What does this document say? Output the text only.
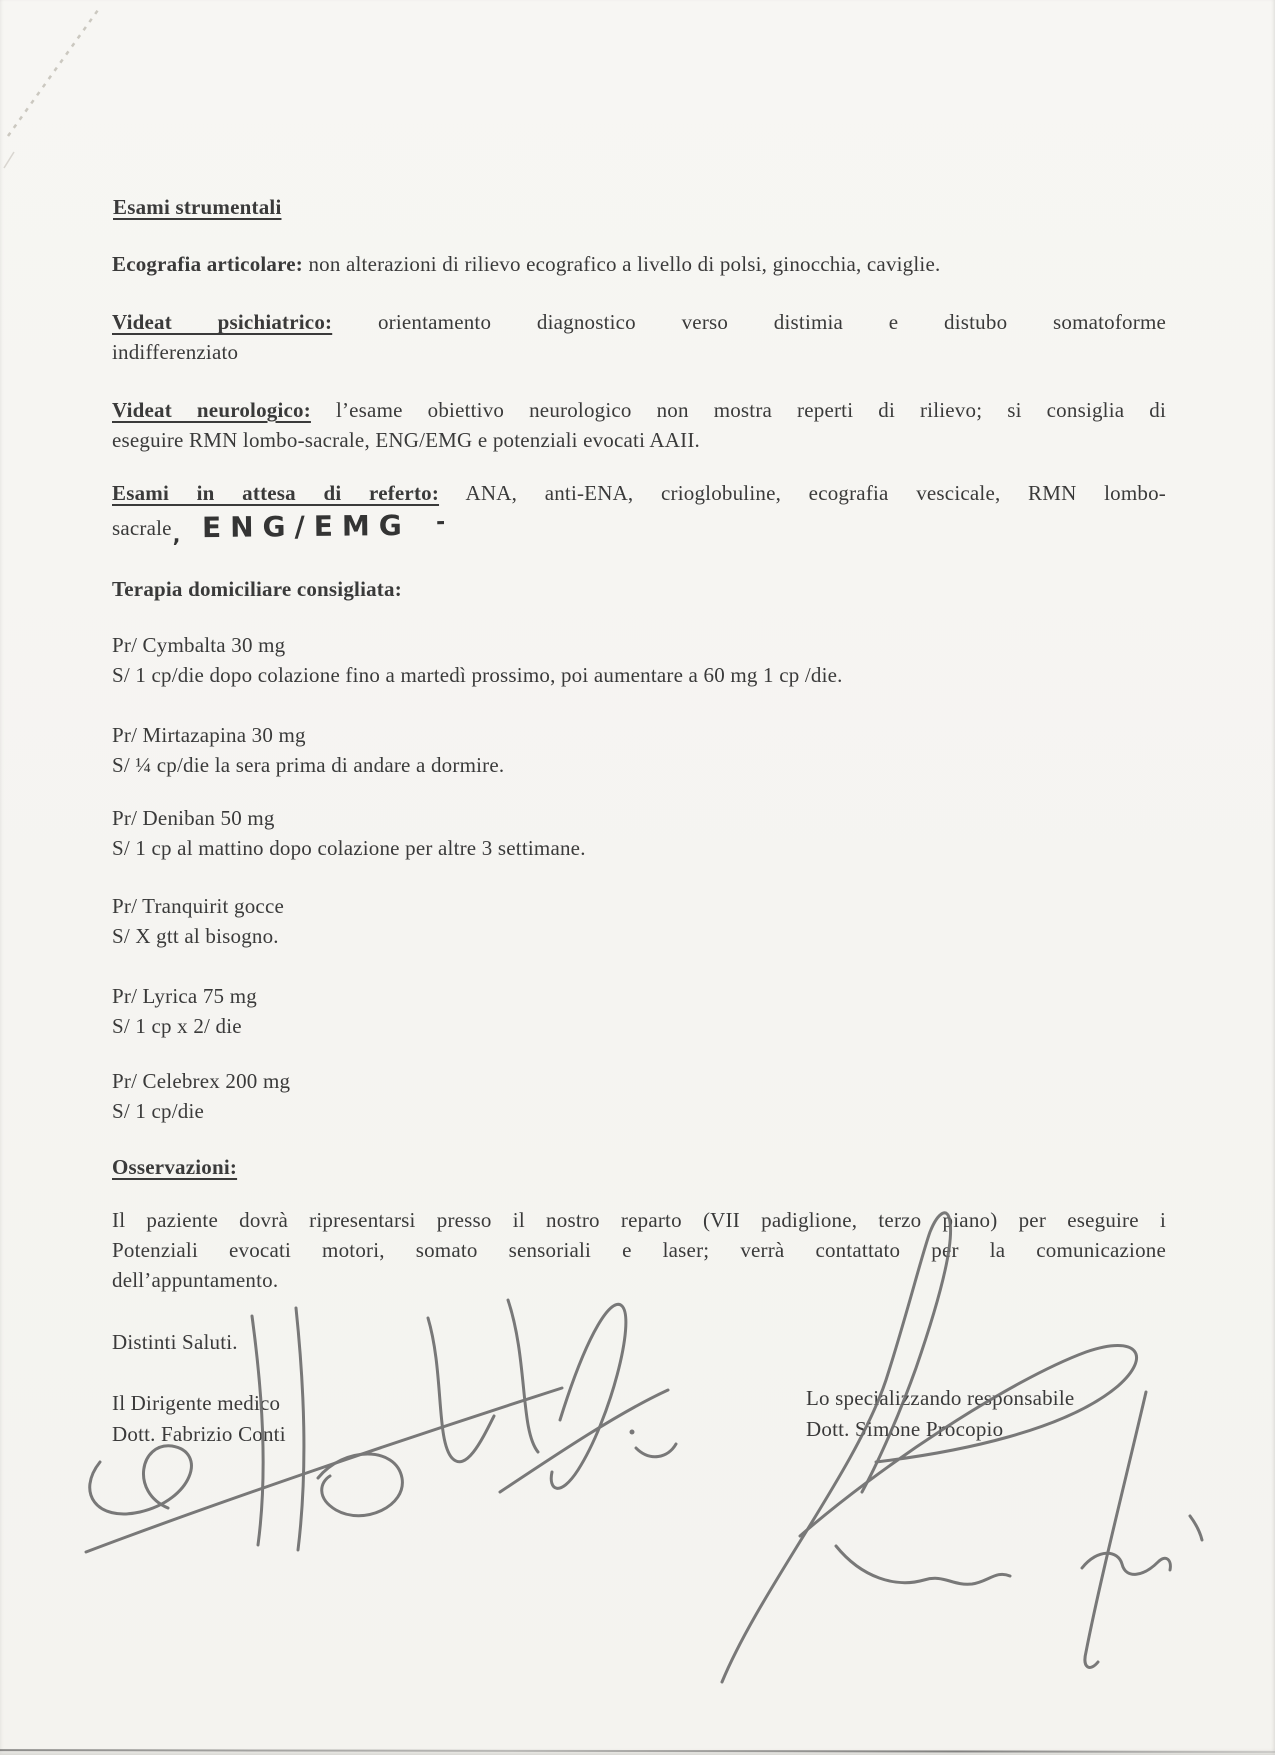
Esami strumentali
Ecografia articolare: non alterazioni di rilievo ecografico a livello di polsi, ginocchia, caviglie.
Videat psichiatrico: orientamento diagnostico verso distimia e distubo somatoforme
indifferenziato
Videat neurologico: l’esame obiettivo neurologico non mostra reperti di rilievo; si consiglia di
eseguire RMN lombo-sacrale, ENG/EMG e potenziali evocati AAII.
Esami in attesa di referto: ANA, anti-ENA, crioglobuline, ecografia vescicale, RMN lombo-
sacrale, ENG/EMG -
Terapia domiciliare consigliata:
Pr/ Cymbalta 30 mg
S/ 1 cp/die dopo colazione fino a martedì prossimo, poi aumentare a 60 mg 1 cp /die.
Pr/ Mirtazapina 30 mg
S/ ¼ cp/die la sera prima di andare a dormire.
Pr/ Deniban 50 mg
S/ 1 cp al mattino dopo colazione per altre 3 settimane.
Pr/ Tranquirit gocce
S/ X gtt al bisogno.
Pr/ Lyrica 75 mg
S/ 1 cp x 2/ die
Pr/ Celebrex 200 mg
S/ 1 cp/die
Osservazioni:
Il paziente dovrà ripresentarsi presso il nostro reparto (VII padiglione, terzo piano) per eseguire i
Potenziali evocati motori, somato sensoriali e laser; verrà contattato per la comunicazione
dell’appuntamento.
Distinti Saluti.
Il Dirigente medico
Dott. Fabrizio Conti
Lo specializzando responsabile
Dott. Simone Procopio
